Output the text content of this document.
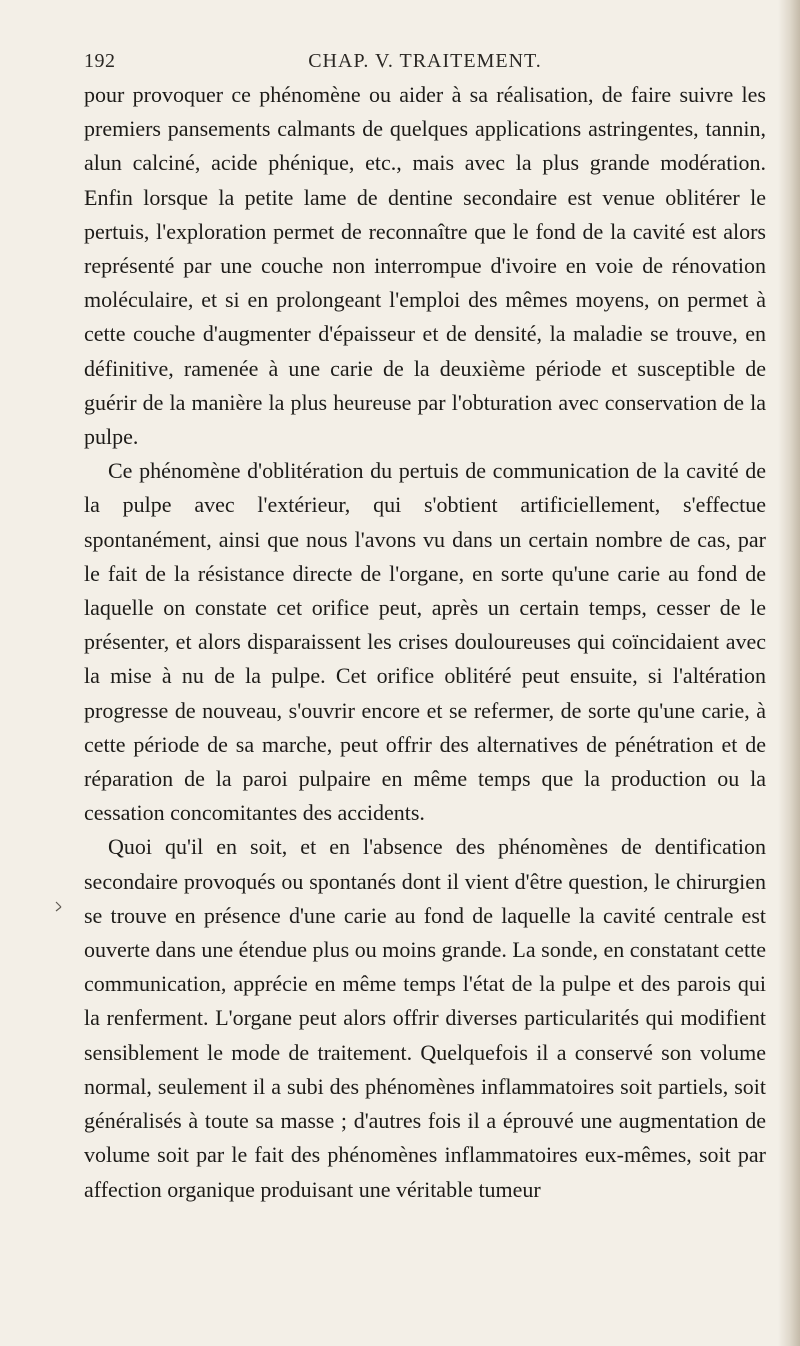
192	CHAP. V. TRAITEMENT.

pour provoquer ce phénomène ou aider à sa réalisation, de faire suivre les premiers pansements calmants de quelques applications astringentes, tannin, alun calciné, acide phénique, etc., mais avec la plus grande modération. Enfin lorsque la petite lame de dentine secondaire est venue oblitérer le pertuis, l'exploration permet de reconnaître que le fond de la cavité est alors représenté par une couche non interrompue d'ivoire en voie de rénovation moléculaire, et si en prolongeant l'emploi des mêmes moyens, on permet à cette couche d'augmenter d'épaisseur et de densité, la maladie se trouve, en définitive, ramenée à une carie de la deuxième période et susceptible de guérir de la manière la plus heureuse par l'obturation avec conservation de la pulpe.

Ce phénomène d'oblitération du pertuis de communication de la cavité de la pulpe avec l'extérieur, qui s'obtient artificiellement, s'effectue spontanément, ainsi que nous l'avons vu dans un certain nombre de cas, par le fait de la résistance directe de l'organe, en sorte qu'une carie au fond de laquelle on constate cet orifice peut, après un certain temps, cesser de le présenter, et alors disparaissent les crises douloureuses qui coïncidaient avec la mise à nu de la pulpe. Cet orifice oblitéré peut ensuite, si l'altération progresse de nouveau, s'ouvrir encore et se refermer, de sorte qu'une carie, à cette période de sa marche, peut offrir des alternatives de pénétration et de réparation de la paroi pulpaire en même temps que la production ou la cessation concomitantes des accidents.

Quoi qu'il en soit, et en l'absence des phénomènes de dentification secondaire provoqués ou spontanés dont il vient d'être question, le chirurgien se trouve en présence d'une carie au fond de laquelle la cavité centrale est ouverte dans une étendue plus ou moins grande. La sonde, en constatant cette communication, apprécie en même temps l'état de la pulpe et des parois qui la renferment. L'organe peut alors offrir diverses particularités qui modifient sensiblement le mode de traitement. Quelquefois il a conservé son volume normal, seulement il a subi des phénomènes inflammatoires soit partiels, soit généralisés à toute sa masse ; d'autres fois il a éprouvé une augmentation de volume soit par le fait des phénomènes inflammatoires eux-mêmes, soit par affection organique produisant une véritable tumeur
